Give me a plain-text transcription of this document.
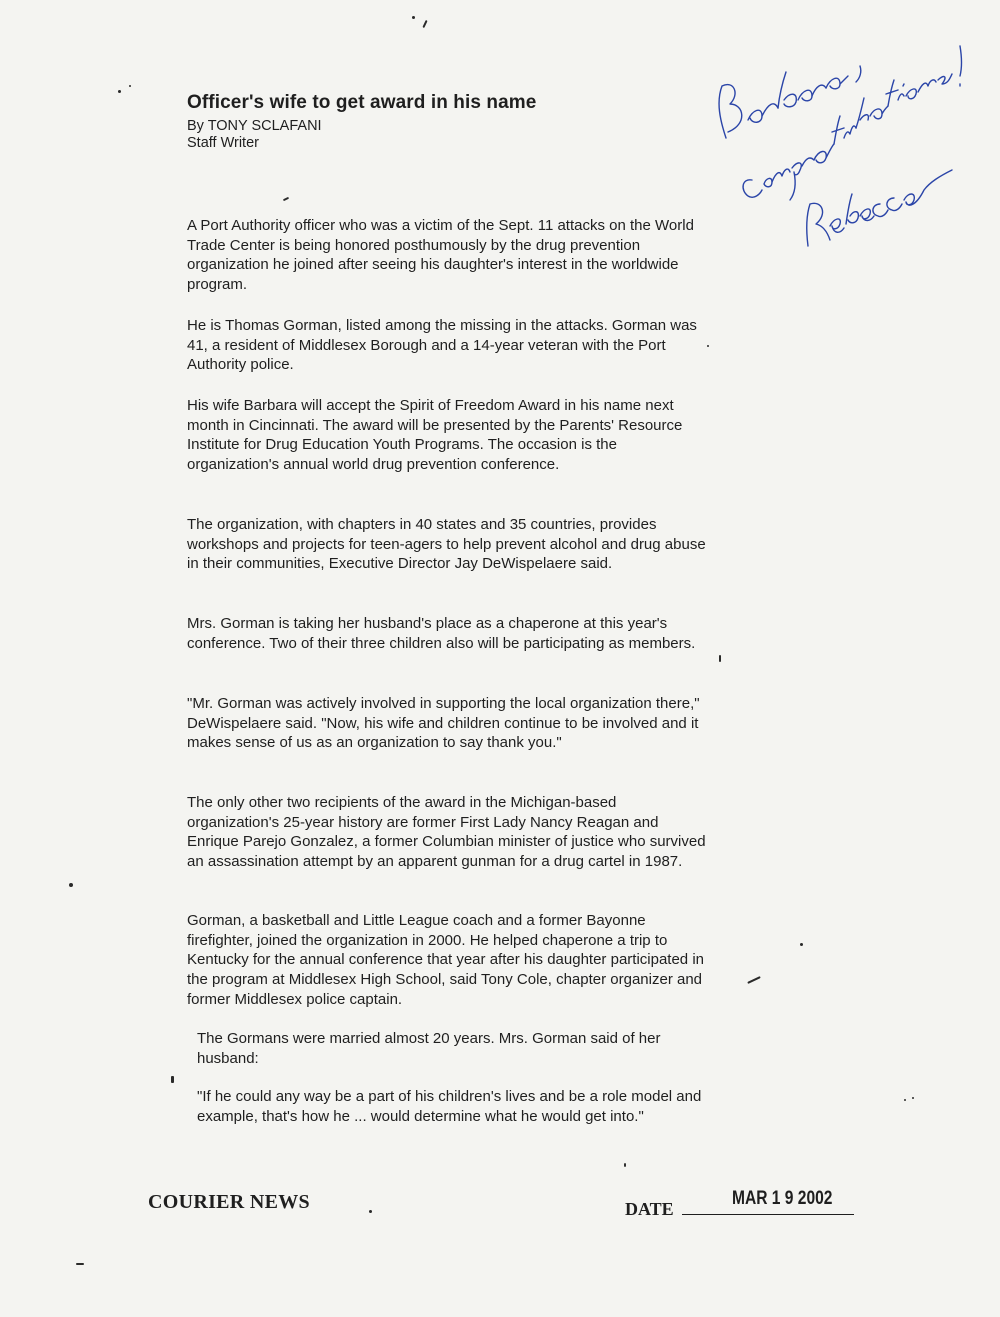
Officer's wife to get award in his name

By TONY SCLAFANI

Staff Writer

A Port Authority officer who was a victim of the Sept. 11 attacks on the World Trade Center is being honored posthumously by the drug prevention organization he joined after seeing his daughter's interest in the worldwide program.

He is Thomas Gorman, listed among the missing in the attacks. Gorman was 41, a resident of Middlesex Borough and a 14-year veteran with the Port Authority police.

His wife Barbara will accept the Spirit of Freedom Award in his name next month in Cincinnati. The award will be presented by the Parents' Resource Institute for Drug Education Youth Programs. The occasion is the organization's annual world drug prevention conference.

The organization, with chapters in 40 states and 35 countries, provides workshops and projects for teen-agers to help prevent alcohol and drug abuse in their communities, Executive Director Jay DeWispelaere said.

Mrs. Gorman is taking her husband's place as a chaperone at this year's conference. Two of their three children also will be participating as members.

"Mr. Gorman was actively involved in supporting the local organization there," DeWispelaere said. "Now, his wife and children continue to be involved and it makes sense of us as an organization to say thank you."

The only other two recipients of the award in the Michigan-based organization's 25-year history are former First Lady Nancy Reagan and Enrique Parejo Gonzalez, a former Columbian minister of justice who survived an assassination attempt by an apparent gunman for a drug cartel in 1987.

Gorman, a basketball and Little League coach and a former Bayonne firefighter, joined the organization in 2000. He helped chaperone a trip to Kentucky for the annual conference that year after his daughter participated in the program at Middlesex High School, said Tony Cole, chapter organizer and former Middlesex police captain.

The Gormans were married almost 20 years. Mrs. Gorman said of her husband:

"If he could any way be a part of his children's lives and be a role model and example, that's how he ... would determine what he would get into."

COURIER NEWS	DATE	MAR 1 9 2002
